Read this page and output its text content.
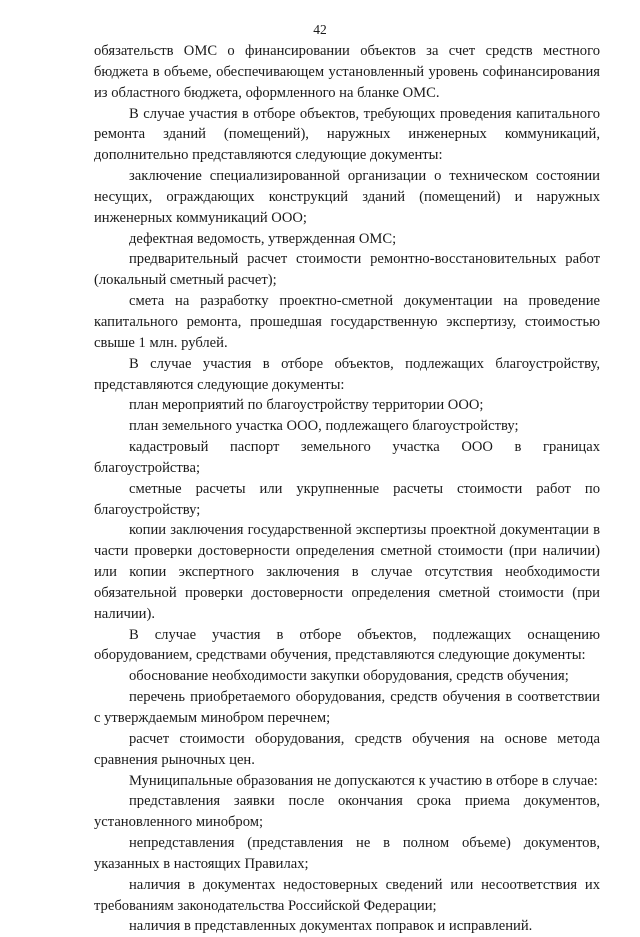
42

обязательств ОМС о финансировании объектов за счет средств местного бюджета в объеме, обеспечивающем установленный уровень софинансирования из областного бюджета, оформленного на бланке ОМС.

В случае участия в отборе объектов, требующих проведения капитального ремонта зданий (помещений), наружных инженерных коммуникаций, дополнительно представляются следующие документы:

заключение специализированной организации о техническом состоянии несущих, ограждающих конструкций зданий (помещений) и наружных инженерных коммуникаций ООО;

дефектная ведомость, утвержденная ОМС;

предварительный расчет стоимости ремонтно-восстановительных работ (локальный сметный расчет);

смета на разработку проектно-сметной документации на проведение капитального ремонта, прошедшая государственную экспертизу, стоимостью свыше 1 млн. рублей.

В случае участия в отборе объектов, подлежащих благоустройству, представляются следующие документы:

план мероприятий по благоустройству территории ООО;

план земельного участка ООО, подлежащего благоустройству;

кадастровый паспорт земельного участка ООО в границах благоустройства;

сметные расчеты или укрупненные расчеты стоимости работ по благоустройству;

копии заключения государственной экспертизы проектной документации в части проверки достоверности определения сметной стоимости (при наличии) или копии экспертного заключения в случае отсутствия необходимости обязательной проверки достоверности определения сметной стоимости (при наличии).

В случае участия в отборе объектов, подлежащих оснащению оборудованием, средствами обучения, представляются следующие документы:

обоснование необходимости закупки оборудования, средств обучения;

перечень приобретаемого оборудования, средств обучения в соответствии с утверждаемым минобром перечнем;

расчет стоимости оборудования, средств обучения на основе метода сравнения рыночных цен.

Муниципальные образования не допускаются к участию в отборе в случае:

представления заявки после окончания срока приема документов, установленного минобром;

непредставления (представления не в полном объеме) документов, указанных в настоящих Правилах;

наличия в документах недостоверных сведений или несоответствия их требованиям законодательства Российской Федерации;

наличия в представленных документах поправок и исправлений.
